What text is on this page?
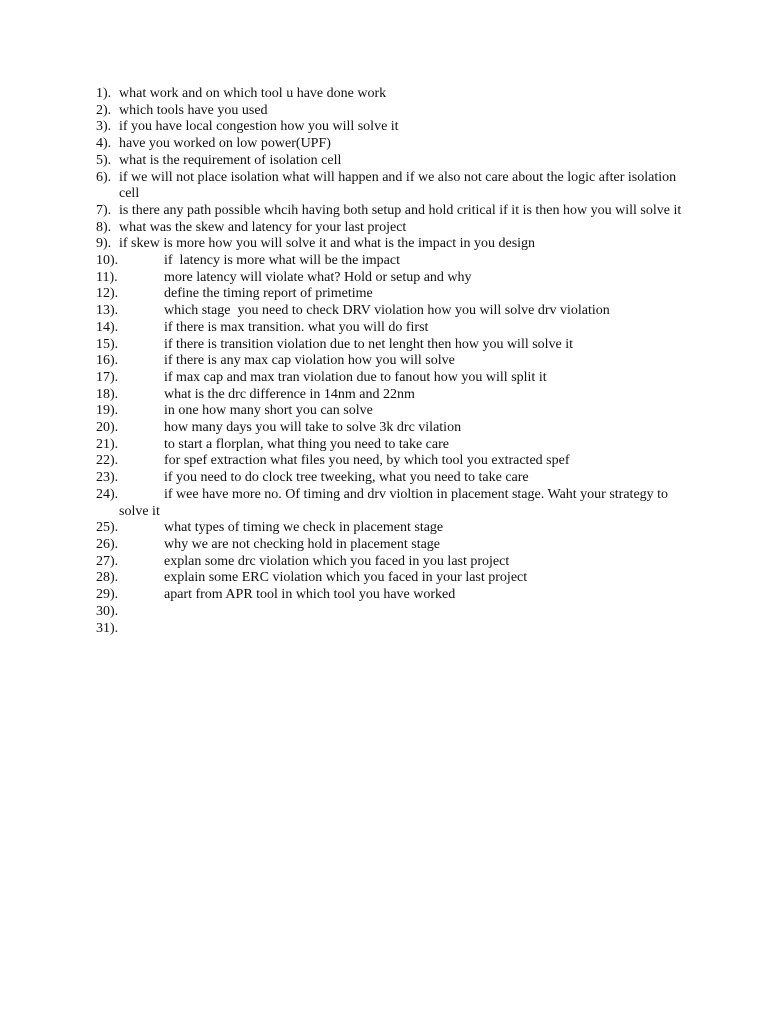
1). what work and on which tool u have done work
2). which tools have you used
3). if you have local congestion how you will solve it
4). have you worked on low power(UPF)
5). what is the requirement of isolation cell
6). if we will not place isolation what will happen and if we also not care about the logic after isolation cell
7). is there any path possible whcih having both setup and hold critical if it is then how you will solve it
8). what was the skew and latency for your last project
9). if skew is more how you will solve it and what is the impact in you design
10).	if  latency is more what will be the impact
11).	more latency will violate what? Hold or setup and why
12).	define the timing report of primetime
13).	which stage  you need to check DRV violation how you will solve drv violation
14).	if there is max transition. what you will do first
15).	if there is transition violation due to net lenght then how you will solve it
16).	if there is any max cap violation how you will solve
17).	if max cap and max tran violation due to fanout how you will split it
18).	what is the drc difference in 14nm and 22nm
19).	in one how many short you can solve
20).	how many days you will take to solve 3k drc vilation
21).	to start a florplan, what thing you need to take care
22).	for spef extraction what files you need, by which tool you extracted spef
23).	if you need to do clock tree tweeking, what you need to take care
24).	if wee have more no. Of timing and drv violtion in placement stage. Waht your strategy to solve it
25).	what types of timing we check in placement stage
26).	why we are not checking hold in placement stage
27).	explan some drc violation which you faced in you last project
28).	explain some ERC violation which you faced in your last project
29).	apart from APR tool in which tool you have worked
30).
31).
